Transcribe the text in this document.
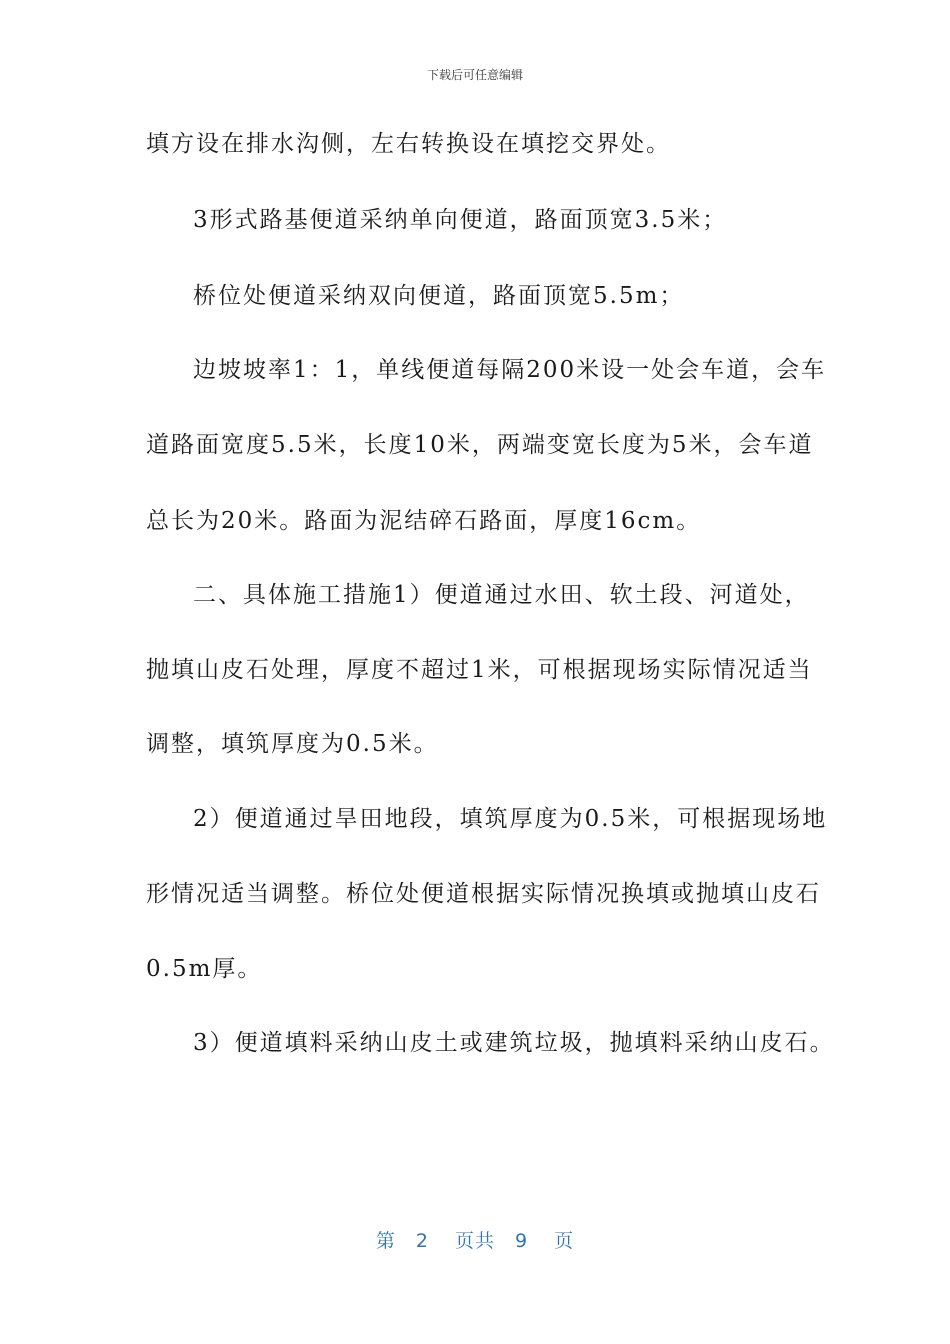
下载后可任意编辑
填方设在排水沟侧，左右转换设在填挖交界处。
3形式路基便道采纳单向便道，路面顶宽3.5米；
桥位处便道采纳双向便道，路面顶宽5.5m；
边坡坡率1：1，单线便道每隔200米设一处会车道，会车
道路面宽度5.5米，长度10米，两端变宽长度为5米，会车道
总长为20米。路面为泥结碎石路面，厚度16cm。
二、具体施工措施1）便道通过水田、软土段、河道处，
抛填山皮石处理，厚度不超过1米，可根据现场实际情况适当
调整，填筑厚度为0.5米。
2）便道通过旱田地段，填筑厚度为0.5米，可根据现场地
形情况适当调整。桥位处便道根据实际情况换填或抛填山皮石
0.5m厚。
3）便道填料采纳山皮土或建筑垃圾，抛填料采纳山皮石。
第 2 页共 9 页
